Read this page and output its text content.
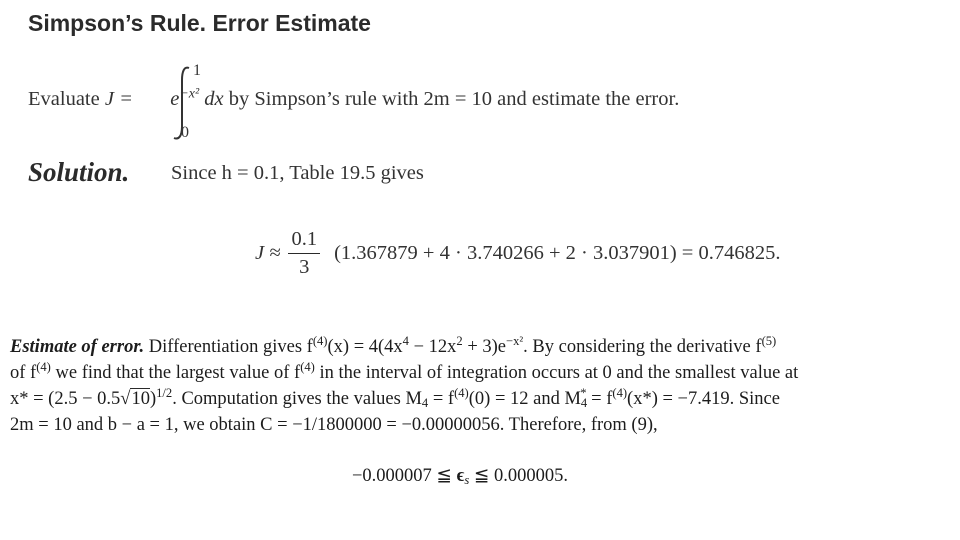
Simpson’s Rule. Error Estimate
Evaluate $J = e^{-x^2}$ dx by Simpson’s rule with 2m = 10 and estimate the error.
1
0
Solution. Since h = 0.1, Table 19.5 gives
$J \approx \frac{0.1}{3} (1.367879 + 4 \cdot 3.740266 + 2 \cdot 3.037901) = 0.746825$.
Estimate of error. Differentiation gives $f^{(4)}(x) = 4(4x^4 - 12x^2 + 3)e^{-x^2}$. By considering the derivative $f^{(5)}$
of $f^{(4)}$ we find that the largest value of $f^{(4)}$ in the interval of integration occurs at 0 and the smallest value at
$x* = (2.5 - 0.5√10)^{1/2}$. Computation gives the values $M_4 = f^{(4)}(0) = 12$ and $M_4^* = f^{(4)}(x*) = -7.419$. Since
2m = 10 and b − a = 1, we obtain C = −1/1800000 = −0.00000056. Therefore, from (9),
−0.000007 ≦ $\epsilon_s$ ≦ 0.000005.
